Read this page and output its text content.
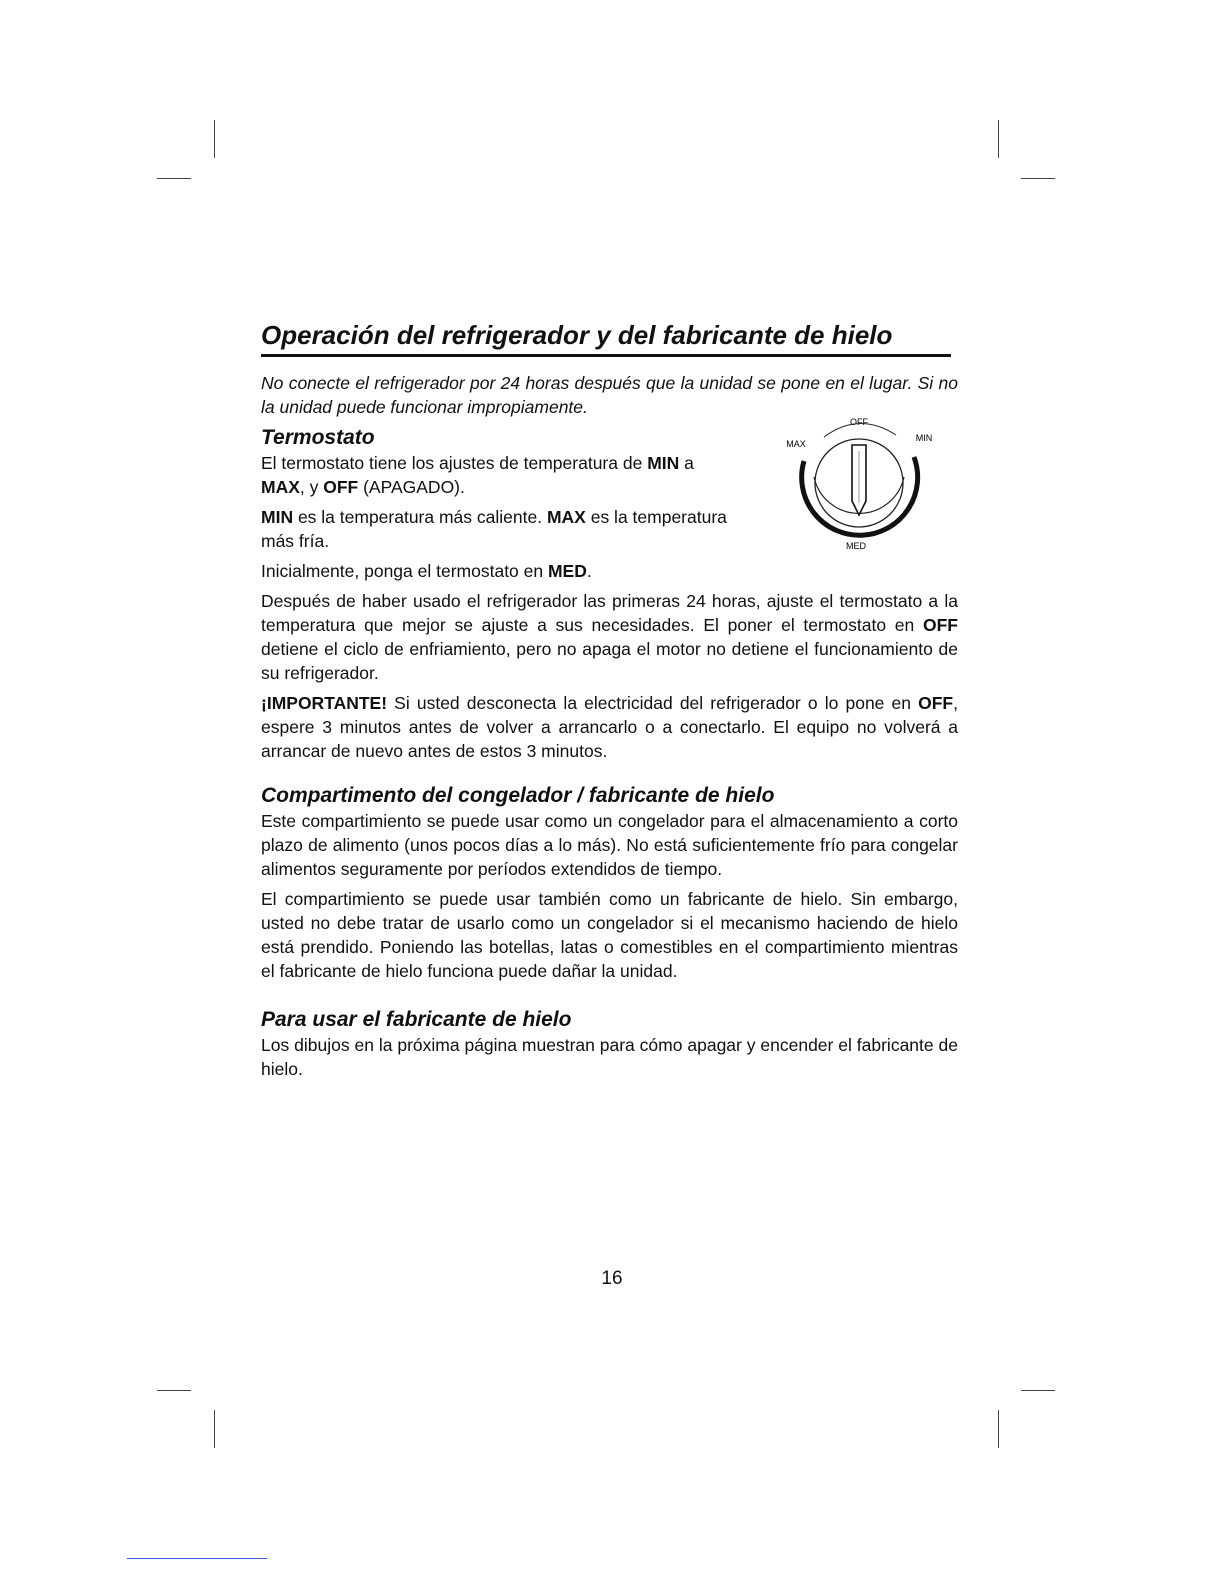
Operación del refrigerador y del fabricante de hielo

No conecte el refrigerador por 24 horas después que la unidad se pone en el lugar. Si no la unidad puede funcionar impropiamente.

Termostato

El termostato tiene los ajustes de temperatura de MIN a MAX, y OFF (APAGADO).

MIN es la temperatura más caliente. MAX es la temperatura más fría.

Inicialmente, ponga el termostato en MED.

OFF
MAX
MIN
MED

Después de haber usado el refrigerador las primeras 24 horas, ajuste el termostato a la temperatura que mejor se ajuste a sus necesidades. El poner el termostato en OFF detiene el ciclo de enfriamiento, pero no apaga el motor no detiene el funcionamiento de su refrigerador.

¡IMPORTANTE! Si usted desconecta la electricidad del refrigerador o lo pone en OFF, espere 3 minutos antes de volver a arrancarlo o a conectarlo. El equipo no volverá a arrancar de nuevo antes de estos 3 minutos.

Compartimento del congelador / fabricante de hielo

Este compartimiento se puede usar como un congelador para el almacenamiento a corto plazo de alimento (unos pocos días a lo más). No está suficientemente frío para congelar alimentos seguramente por períodos extendidos de tiempo.

El compartimiento se puede usar también como un fabricante de hielo. Sin embargo, usted no debe tratar de usarlo como un congelador si el mecanismo haciendo de hielo está prendido. Poniendo las botellas, latas o comestibles en el compartimiento mientras el fabricante de hielo funciona puede dañar la unidad.

Para usar el fabricante de hielo

Los dibujos en la próxima página muestran para cómo apagar y encender el fabricante de hielo.

16
